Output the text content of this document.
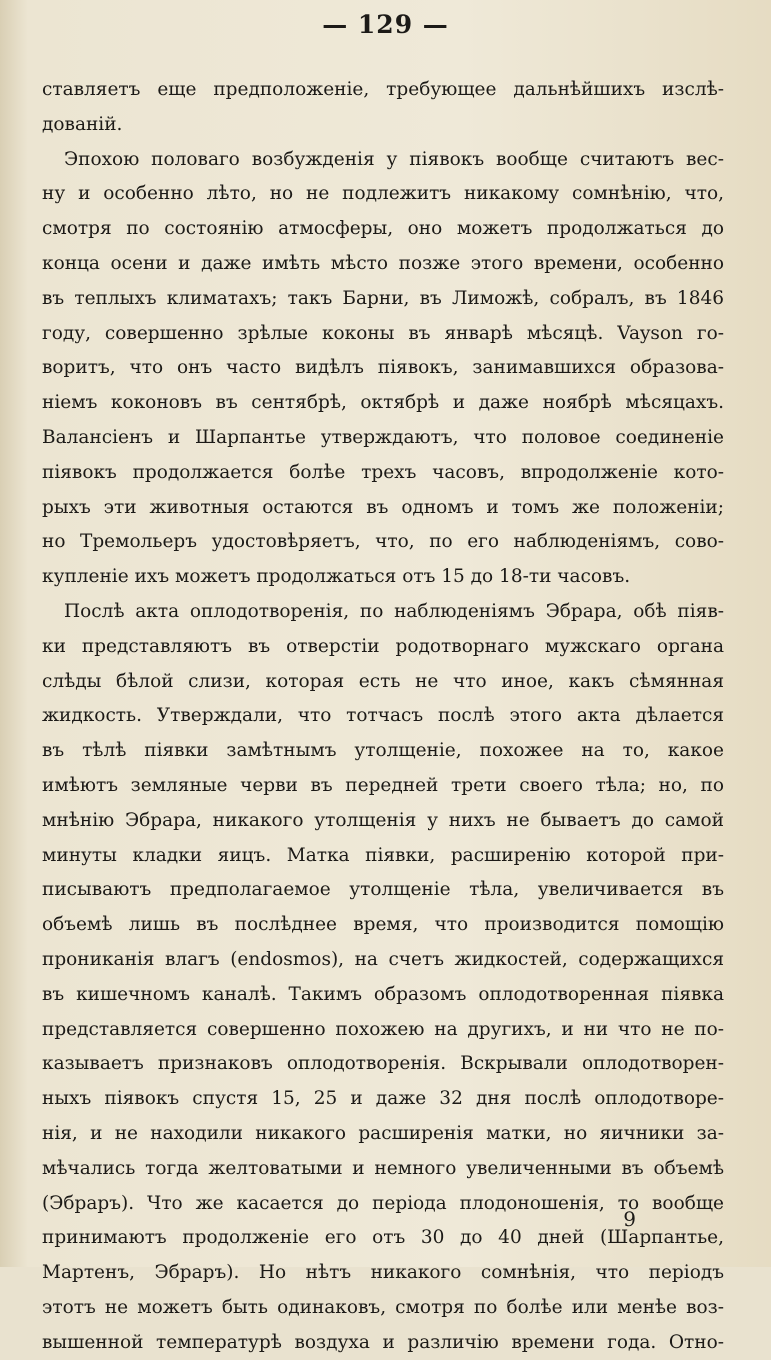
— 129 —
ставляетъ еще предположеніе, требующее дальнѣйшихъ изслѣ-
дованій.
Эпохою половаго возбужденія у піявокъ вообще считаютъ вес-
ну и особенно лѣто, но не подлежитъ никакому сомнѣнію, что,
смотря по состоянію атмосферы, оно можетъ продолжаться до
конца осени и даже имѣть мѣсто позже этого времени, особенно
въ теплыхъ климатахъ; такъ Барни, въ Лиможѣ, собралъ, въ 1846
году, совершенно зрѣлые коконы въ январѣ мѣсяцѣ. Vayson го-
воритъ, что онъ часто видѣлъ піявокъ, занимавшихся образова-
ніемъ коконовъ въ сентябрѣ, октябрѣ и даже ноябрѣ мѣсяцахъ.
Валансіенъ и Шарпантье утверждаютъ, что половое соединеніе
піявокъ продолжается болѣе трехъ часовъ, впродолженіе кото-
рыхъ эти животныя остаются въ одномъ и томъ же положеніи;
но Тремольеръ удостовѣряетъ, что, по его наблюденіямъ, сово-
купленіе ихъ можетъ продолжаться отъ 15 до 18-ти часовъ.
Послѣ акта оплодотворенія, по наблюденіямъ Эбрара, обѣ піяв-
ки представляютъ въ отверстіи родотворнаго мужскаго органа
слѣды бѣлой слизи, которая есть не что иное, какъ сѣмянная
жидкость. Утверждали, что тотчасъ послѣ этого акта дѣлается
въ тѣлѣ піявки замѣтнымъ утолщеніе, похожее на то, какое
имѣютъ земляные черви въ передней трети своего тѣла; но, по
мнѣнію Эбрара, никакого утолщенія у нихъ не бываетъ до самой
минуты кладки яицъ. Матка піявки, расширенію которой при-
писываютъ предполагаемое утолщеніе тѣла, увеличивается въ
объемѣ лишь въ послѣднее время, что производится помощію
прониканія влагъ (endosmos), на счетъ жидкостей, содержащихся
въ кишечномъ каналѣ. Такимъ образомъ оплодотворенная піявка
представляется совершенно похожею на другихъ, и ни что не по-
казываетъ признаковъ оплодотворенія. Вскрывали оплодотворен-
ныхъ піявокъ спустя 15, 25 и даже 32 дня послѣ оплодотворе-
нія, и не находили никакого расширенія матки, но яичники за-
мѣчались тогда желтоватыми и немного увеличенными въ объемѣ
(Эбраръ). Что же касается до періода плодоношенія, то вообще
принимаютъ продолженіе его отъ 30 до 40 дней (Шарпантье,
Мартенъ, Эбраръ). Но нѣтъ никакого сомнѣнія, что періодъ
этотъ не можетъ быть одинаковъ, смотря по болѣе или менѣе воз-
вышенной температурѣ воздуха и различію времени года. Отно-
9
